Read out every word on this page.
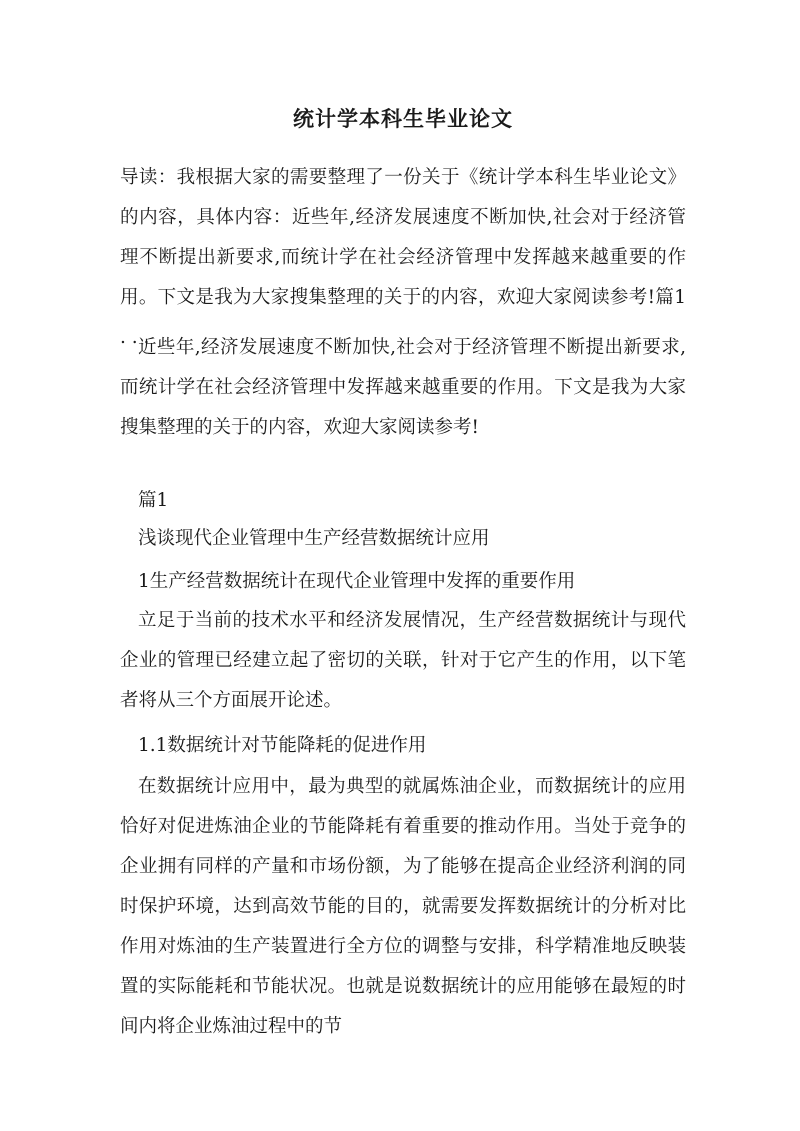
统计学本科生毕业论文

导读：我根据大家的需要整理了一份关于《统计学本科生毕业论文》的内容，具体内容：近些年,经济发展速度不断加快,社会对于经济管理不断提出新要求,而统计学在社会经济管理中发挥越来越重要的作用。下文是我为大家搜集整理的关于的内容，欢迎大家阅读参考!篇1　 . . .

近些年,经济发展速度不断加快,社会对于经济管理不断提出新要求,而统计学在社会经济管理中发挥越来越重要的作用。下文是我为大家搜集整理的关于的内容，欢迎大家阅读参考!

篇1

浅谈现代企业管理中生产经营数据统计应用

1生产经营数据统计在现代企业管理中发挥的重要作用

立足于当前的技术水平和经济发展情况，生产经营数据统计与现代企业的管理已经建立起了密切的关联，针对于它产生的作用，以下笔者将从三个方面展开论述。

1.1数据统计对节能降耗的促进作用

在数据统计应用中，最为典型的就属炼油企业，而数据统计的应用恰好对促进炼油企业的节能降耗有着重要的推动作用。当处于竞争的企业拥有同样的产量和市场份额，为了能够在提高企业经济利润的同时保护环境，达到高效节能的目的，就需要发挥数据统计的分析对比作用对炼油的生产装置进行全方位的调整与安排，科学精准地反映装置的实际能耗和节能状况。也就是说数据统计的应用能够在最短的时间内将企业炼油过程中的节
